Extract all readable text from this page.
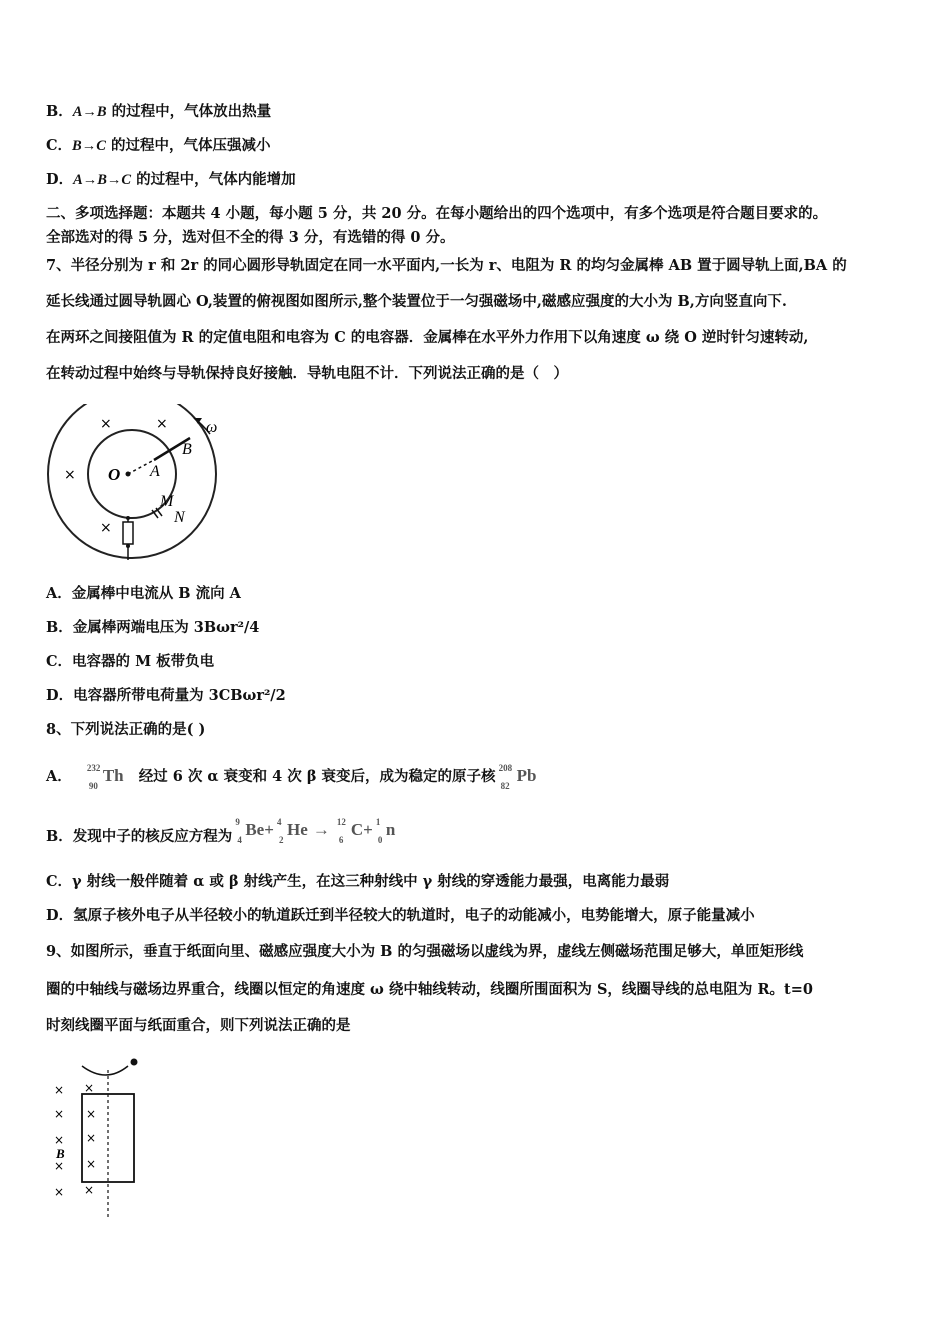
B．A→B 的过程中，气体放出热量
C．B→C 的过程中，气体压强减小
D．A→B→C 的过程中，气体内能增加
二、多项选择题：本题共 4 小题，每小题 5 分，共 20 分。在每小题给出的四个选项中，有多个选项是符合题目要求的。
全部选对的得 5 分，选对但不全的得 3 分，有选错的得 0 分。
7、半径分别为 r 和 2r 的同心圆形导轨固定在同一水平面内,一长为 r、电阻为 R 的均匀金属棒 AB 置于圆导轨上面,BA 的
延长线通过圆导轨圆心 O,装置的俯视图如图所示,整个装置位于一匀强磁场中,磁感应强度的大小为 B,方向竖直向下.
在两环之间接阻值为 R 的定值电阻和电容为 C 的电容器．金属棒在水平外力作用下以角速度 ω 绕 O 逆时针匀速转动,
在转动过程中始终与导轨保持良好接触．导轨电阻不计．下列说法正确的是（　）
×	×
×
×
O A
B
ω
M
N
A．金属棒中电流从 B 流向 A
B．金属棒两端电压为 3Bωr²/4
C．电容器的 M 板带负电
D．电容器所带电荷量为 3CBωr²/2
8、下列说法正确的是( )
A． 232
90
Th 经过 6 次 α 衰变和 4 次 β 衰变后，成为稳定的原子核 208
82
Pb
B．发现中子的核反应方程为
9
4
Be+ 4
2
He → 12
6
C+ 1
0
n
C．γ 射线一般伴随着 α 或 β 射线产生，在这三种射线中 γ 射线的穿透能力最强，电离能力最弱
D．氢原子核外电子从半径较小的轨道跃迁到半径较大的轨道时，电子的动能减小，电势能增大，原子能量减小
9、如图所示，垂直于纸面向里、磁感应强度大小为 B 的匀强磁场以虚线为界，虚线左侧磁场范围足够大，单匝矩形线
圈的中轴线与磁场边界重合，线圈以恒定的角速度 ω 绕中轴线转动，线圈所围面积为 S，线圈导线的总电阻为 R。t=0
时刻线圈平面与纸面重合，则下列说法正确的是
×
×
×
×
×
B
×
×
×
×
×
